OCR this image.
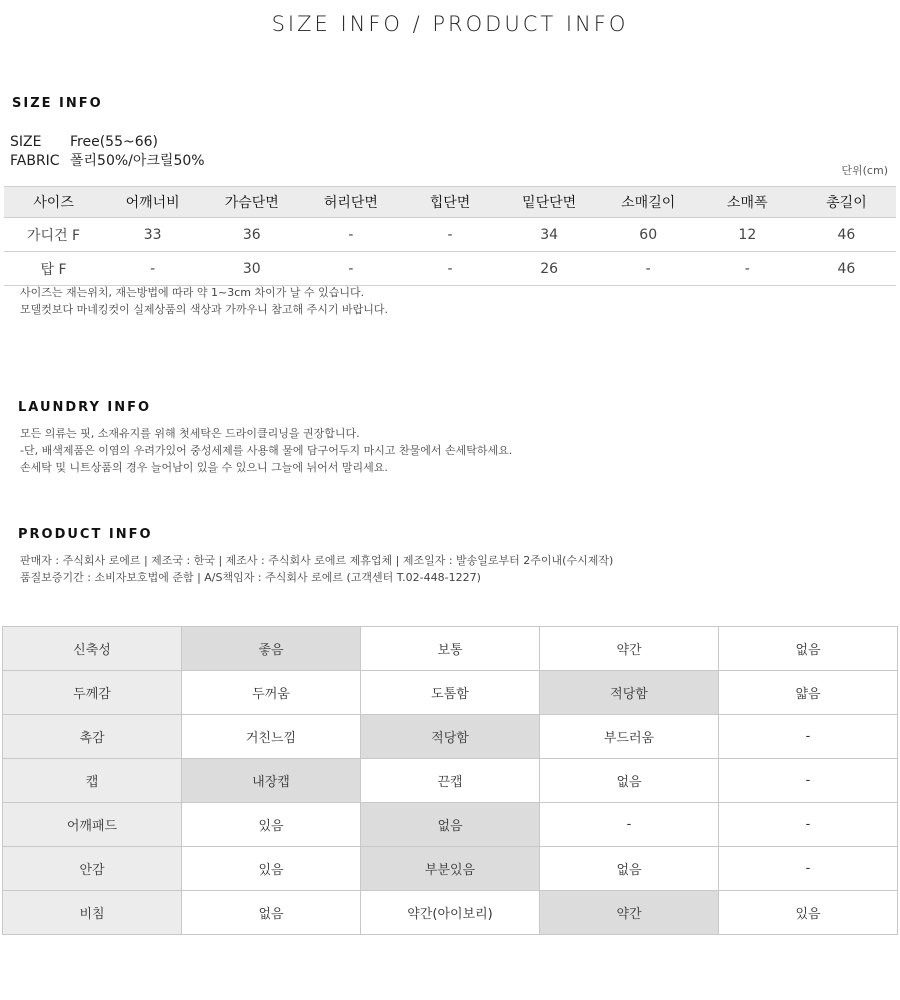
SIZE INFO / PRODUCT INFO
SIZE INFO
SIZE Free(55~66)
FABRIC 폴리50%/아크릴50%
단위(cm)
사이즈	어깨너비	가슴단면	허리단면	힙단면	밑단단면	소매길이	소매폭	총길이
가디건 F	33	36	-	-	34	60	12	46
탑 F	-	30	-	-	26	-	-	46
사이즈는 재는위치, 재는방법에 따라 약 1~3cm 차이가 날 수 있습니다.
모델컷보다 마네킹컷이 실제상품의 색상과 가까우니 참고해 주시기 바랍니다.
LAUNDRY INFO
모든 의류는 핏, 소재유지를 위해 첫세탁은 드라이클리닝을 권장합니다.
-단, 배색제품은 이염의 우려가있어 중성세제를 사용해 물에 담구어두지 마시고 찬물에서 손세탁하세요.
손세탁 및 니트상품의 경우 늘어남이 있을 수 있으니 그늘에 뉘어서 말리세요.
PRODUCT INFO
판매자 : 주식회사 로에르 | 제조국 : 한국 | 제조사 : 주식회사 로에르 제휴업체 | 제조일자 : 발송일로부터 2주이내(수시제작)
품질보증기간 : 소비자보호법에 준함 | A/S책임자 : 주식회사 로에르 (고객센터 T.02-448-1227)
신축성	좋음	보통	약간	없음
두께감	두꺼움	도톰함	적당함	얇음
촉감	거친느낌	적당함	부드러움	-
캡	내장캡	끈캡	없음	-
어깨패드	있음	없음	-	-
안감	있음	부분있음	없음	-
비침	없음	약간(아이보리)	약간	있음
